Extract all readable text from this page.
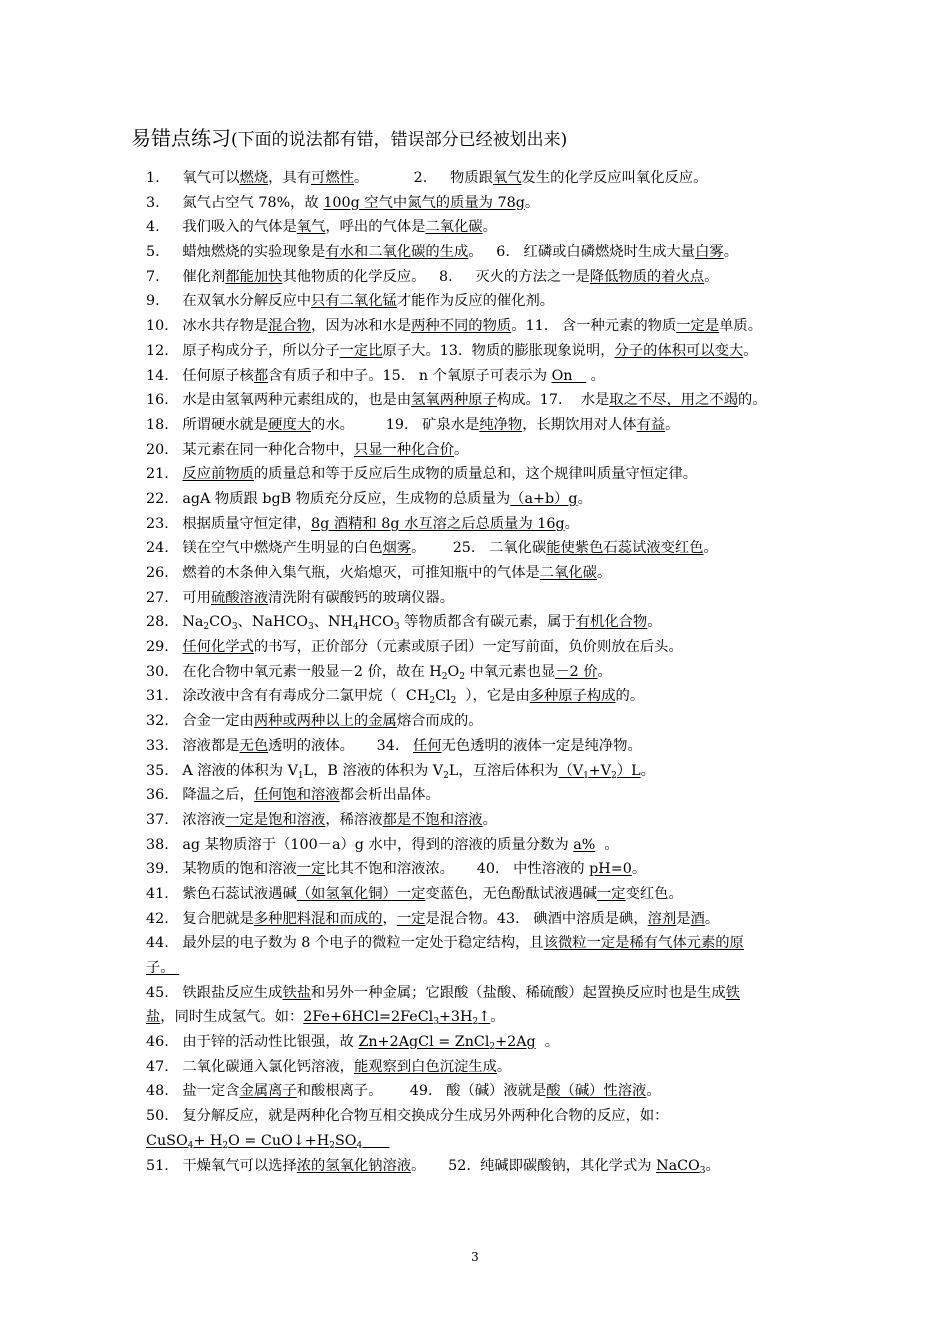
易错点练习(下面的说法都有错，错误部分已经被划出来)
1.     氧气可以燃烧，具有可燃性。          2.     物质跟氧气发生的化学反应叫氧化反应。
3.     氮气占空气 78%，故 100g 空气中氮气的质量为 78g。
4.     我们吸入的气体是氧气，呼出的气体是二氧化碳。
5.     蜡烛燃烧的实验现象是有水和二氧化碳的生成。   6.   红磷或白磷燃烧时生成大量白雾。
7.     催化剂都能加快其他物质的化学反应。   8.     灭火的方法之一是降低物质的着火点。
9.     在双氧水分解反应中只有二氧化锰才能作为反应的催化剂。
10.   冰水共存物是混合物，因为冰和水是两种不同的物质。11.   含一种元素的物质一定是单质。
12.   原子构成分子，所以分子一定比原子大。13.  物质的膨胀现象说明，分子的体积可以变大。
14.   任何原子核都含有质子和中子。15.   n 个氧原子可表示为 On    。
16.   水是由氢氧两种元素组成的，也是由氢氧两种原子构成。17.    水是取之不尽，用之不竭的。
18.   所谓硬水就是硬度大的水。       19.   矿泉水是纯净物，长期饮用对人体有益。
20.   某元素在同一种化合物中，只显一种化合价。
21.   反应前物质的质量总和等于反应后生成物的质量总和，这个规律叫质量守恒定律。
22.   agA 物质跟 bgB 物质充分反应，生成物的总质量为（a+b）g。
23.   根据质量守恒定律，8g 酒精和 8g 水互溶之后总质量为 16g。
24.   镁在空气中燃烧产生明显的白色烟雾。      25.   二氧化碳能使紫色石蕊试液变红色。
26.   燃着的木条伸入集气瓶，火焰熄灭，可推知瓶中的气体是二氧化碳。
27.   可用硫酸溶液清洗附有碳酸钙的玻璃仪器。
28.   $Na_2CO_3$、NaHCO$_3$、$NH_4HCO_3$ 等物质都含有碳元素，属于有机化合物。
29.   任何化学式的书写，正价部分（元素或原子团）一定写前面，负价则放在后头。
30.   在化合物中氧元素一般显－2 价，故在 $H_2O_2$ 中氧元素也显－2 价。
31.   涂改液中含有有毒成分二氯甲烷（  $CH_2Cl_2$  ），它是由多种原子构成的。
32.   合金一定由两种或两种以上的金属熔合而成的。
33.   溶液都是无色透明的液体。     34.   任何无色透明的液体一定是纯净物。
35.   A 溶液的体积为 $V_1L$，B 溶液的体积为 $V_2L$，互溶后体积为$(V_1+V_2)L$。
36.   降温之后，任何饱和溶液都会析出晶体。
37.   浓溶液一定是饱和溶液，稀溶液都是不饱和溶液。
38.   ag 某物质溶于（100－a）g 水中，得到的溶液的质量分数为 a%  。
39.   某物质的饱和溶液一定比其不饱和溶液浓。     40.   中性溶液的 pH=0。
41.   紫色石蕊试液遇碱（如氢氧化铜）一定变蓝色，无色酚酞试液遇碱一定变红色。
42.   复合肥就是多种肥料混和而成的，一定是混合物。43.   碘酒中溶质是碘，溶剂是酒。
44.   最外层的电子数为 8 个电子的微粒一定处于稳定结构，且该微粒一定是稀有气体元素的原
子。
45.   铁跟盐反应生成铁盐和另外一种金属；它跟酸（盐酸、稀硫酸）起置换反应时也是生成铁
盐，同时生成氢气。如：$2Fe+6HCl=2FeCl_3+3H_2↑$。
46.   由于锌的活动性比银强，故 Zn+2AgCl = ZnCl$_2$+2Ag  。
47.   二氧化碳通入氯化钙溶液，能观察到白色沉淀生成。
48.   盐一定含金属离子和酸根离子。      49.   酸（碱）液就是酸（碱）性溶液。
50.   复分解反应，就是两种化合物互相交换成分生成另外两种化合物的反应，如：
CuSO$_4$+ $H_2O$ = $CuO↓+H_2SO_4$
51.   干燥氧气可以选择浓的氢氧化钠溶液。     52.  纯碱即碳酸钠，其化学式为 NaCO$_3$。
3
